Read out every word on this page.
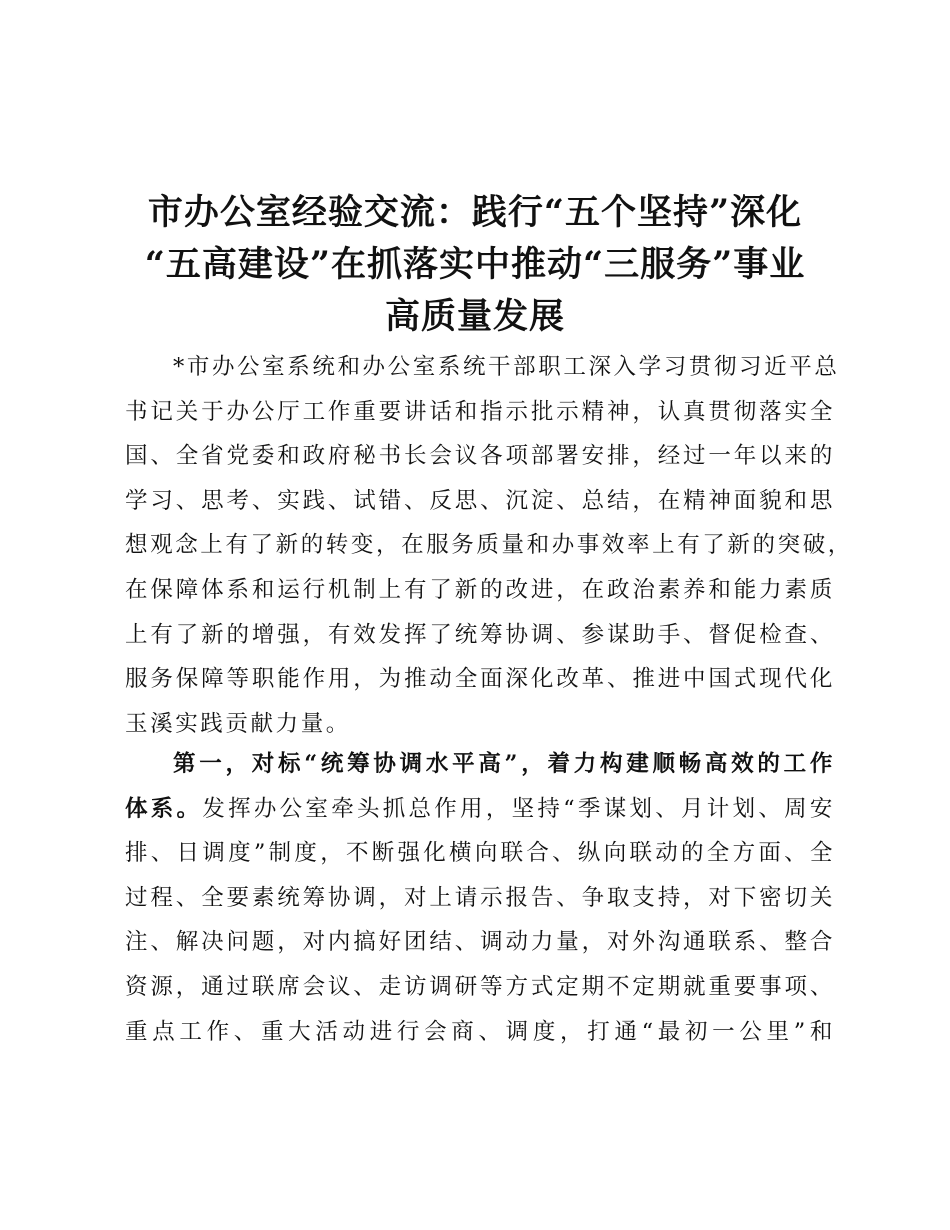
市办公室经验交流：践行“五个坚持”深化
“五高建设”在抓落实中推动“三服务”事业
高质量发展
*市办公室系统和办公室系统干部职工深入学习贯彻习近平总
书记关于办公厅工作重要讲话和指示批示精神，认真贯彻落实全
国、全省党委和政府秘书长会议各项部署安排，经过一年以来的
学习、思考、实践、试错、反思、沉淀、总结，在精神面貌和思
想观念上有了新的转变，在服务质量和办事效率上有了新的突破，
在保障体系和运行机制上有了新的改进，在政治素养和能力素质
上有了新的增强，有效发挥了统筹协调、参谋助手、督促检查、
服务保障等职能作用，为推动全面深化改革、推进中国式现代化
玉溪实践贡献力量。
第一，对标“统筹协调水平高”，着力构建顺畅高效的工作
体系。发挥办公室牵头抓总作用，坚持“季谋划、月计划、周安
排、日调度”制度，不断强化横向联合、纵向联动的全方面、全
过程、全要素统筹协调，对上请示报告、争取支持，对下密切关
注、解决问题，对内搞好团结、调动力量，对外沟通联系、整合
资源，通过联席会议、走访调研等方式定期不定期就重要事项、
重点工作、重大活动进行会商、调度，打通“最初一公里”和
